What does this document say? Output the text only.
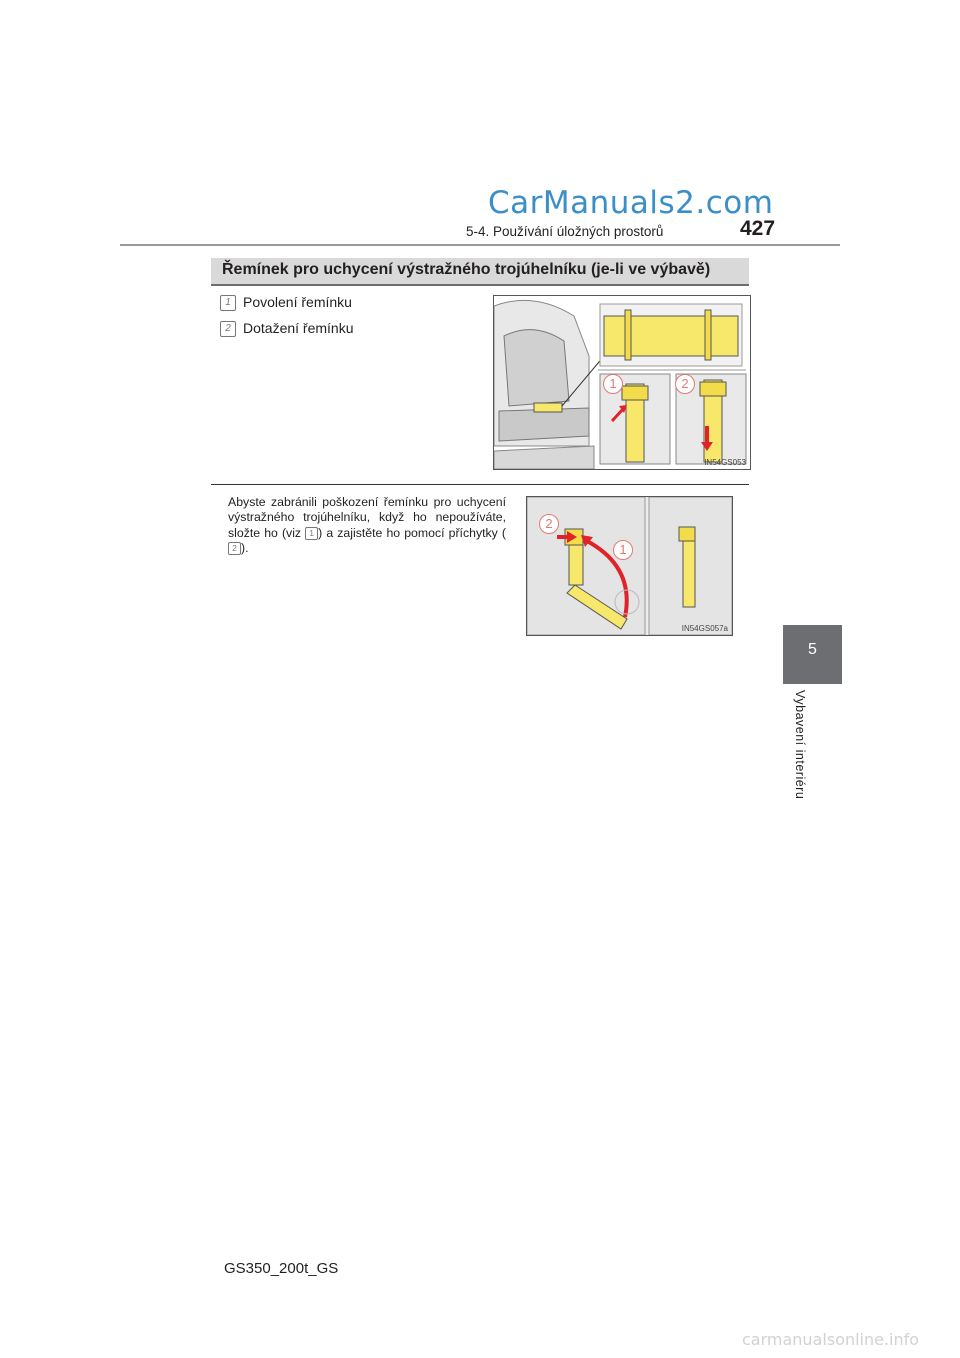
CarManuals2.com
5-4. Používání úložných prostorů	427
Řemínek pro uchycení výstražného trojúhelníku (je-li ve výbavě)
1 Povolení řemínku
2 Dotažení řemínku
1	2
IN54GS053
Abyste zabránili poškození řemínku pro uchycení výstražného trojúhelníku, když ho nepoužíváte, složte ho (viz 1 ) a zajistěte ho pomocí příchytky (2 ).
2
1
IN54GS057a
5
Vybavení interiéru
GS350_200t_GS
carmanualsonline.info
